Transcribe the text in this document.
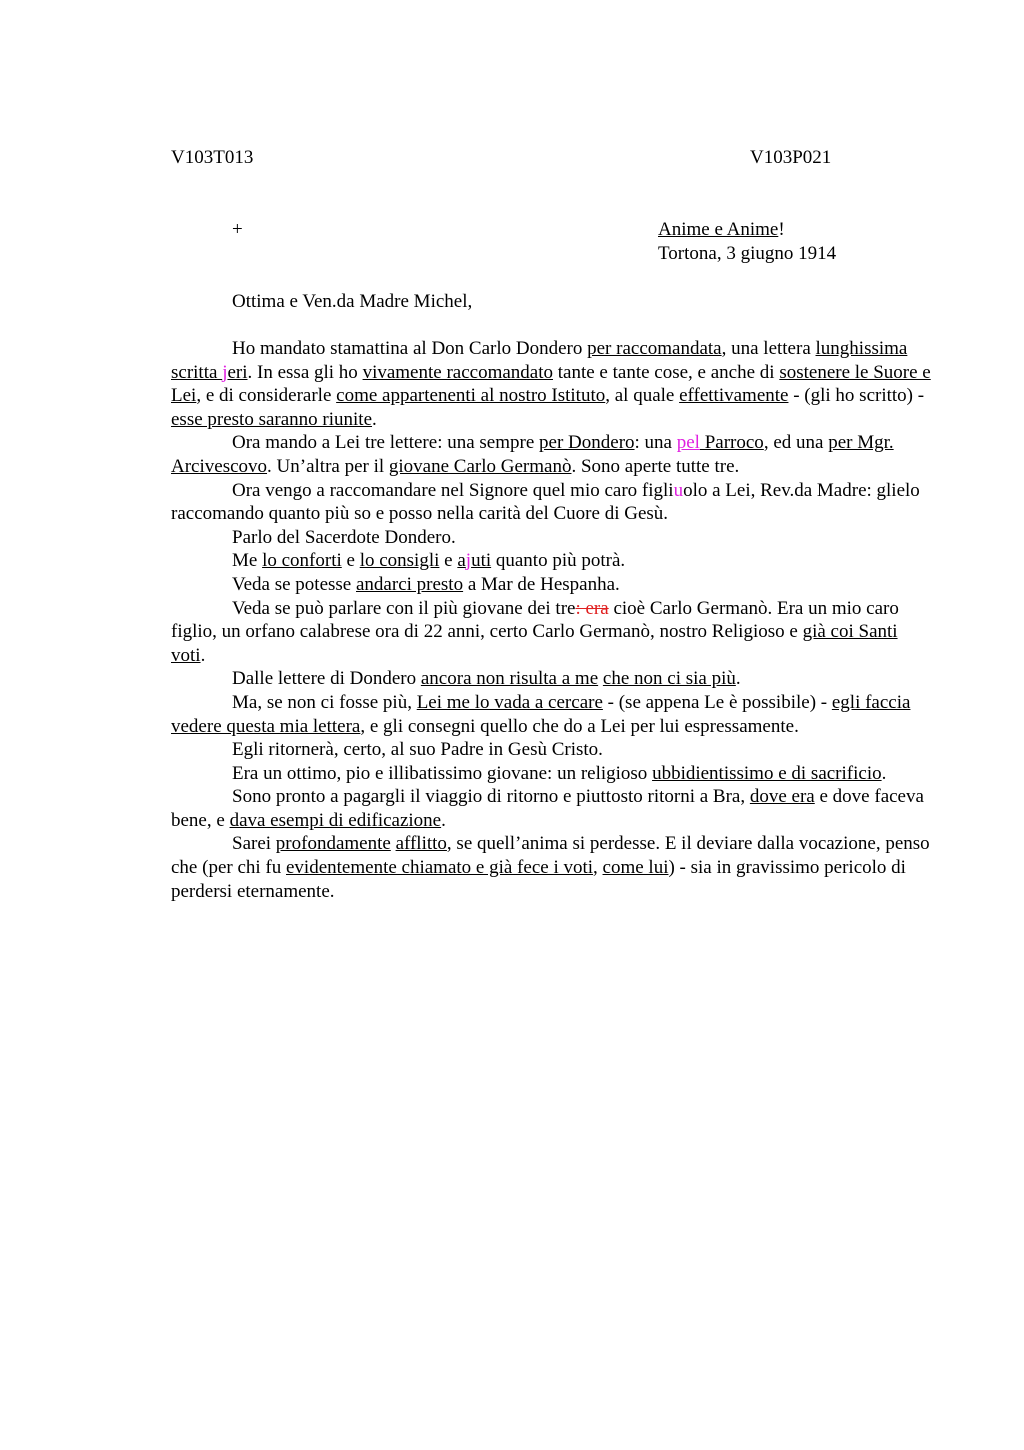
V103T013	V103P021
+	Anime e Anime!
Tortona, 3 giugno 1914
Ottima e Ven.da Madre Michel,

Ho mandato stamattina al Don Carlo Dondero per raccomandata, una lettera lunghissima scritta jeri. In essa gli ho vivamente raccomandato tante e tante cose, e anche di sostenere le Suore e Lei, e di considerarle come appartenenti al nostro Istituto, al quale effettivamente - (gli ho scritto) - esse presto saranno riunite.

Ora mando a Lei tre lettere: una sempre per Dondero: una pel Parroco, ed una per Mgr. Arcivescovo. Un’altra per il giovane Carlo Germanò. Sono aperte tutte tre.

Ora vengo a raccomandare nel Signore quel mio caro figliuolo a Lei, Rev.da Madre: glielo raccomando quanto più so e posso nella carità del Cuore di Gesù.

Parlo del Sacerdote Dondero.

Me lo conforti e lo consigli e ajuti quanto più potrà.

Veda se potesse andarci presto a Mar de Hespanha.

Veda se può parlare con il più giovane dei tre: era cioè Carlo Germanò. Era un mio caro figlio, un orfano calabrese ora di 22 anni, certo Carlo Germanò, nostro Religioso e già coi Santi voti.

Dalle lettere di Dondero ancora non risulta a me che non ci sia più.

Ma, se non ci fosse più, Lei me lo vada a cercare - (se appena Le è possibile) - egli faccia vedere questa mia lettera, e gli consegni quello che do a Lei per lui espressamente.

Egli ritornerà, certo, al suo Padre in Gesù Cristo.

Era un ottimo, pio e illibatissimo giovane: un religioso ubbidientissimo e di sacrificio.

Sono pronto a pagargli il viaggio di ritorno e piuttosto ritorni a Bra, dove era e dove faceva bene, e dava esempi di edificazione.

Sarei profondamente afflitto, se quell’anima si perdesse. E il deviare dalla vocazione, penso che (per chi fu evidentemente chiamato e già fece i voti, come lui) - sia in gravissimo pericolo di perdersi eternamente.
